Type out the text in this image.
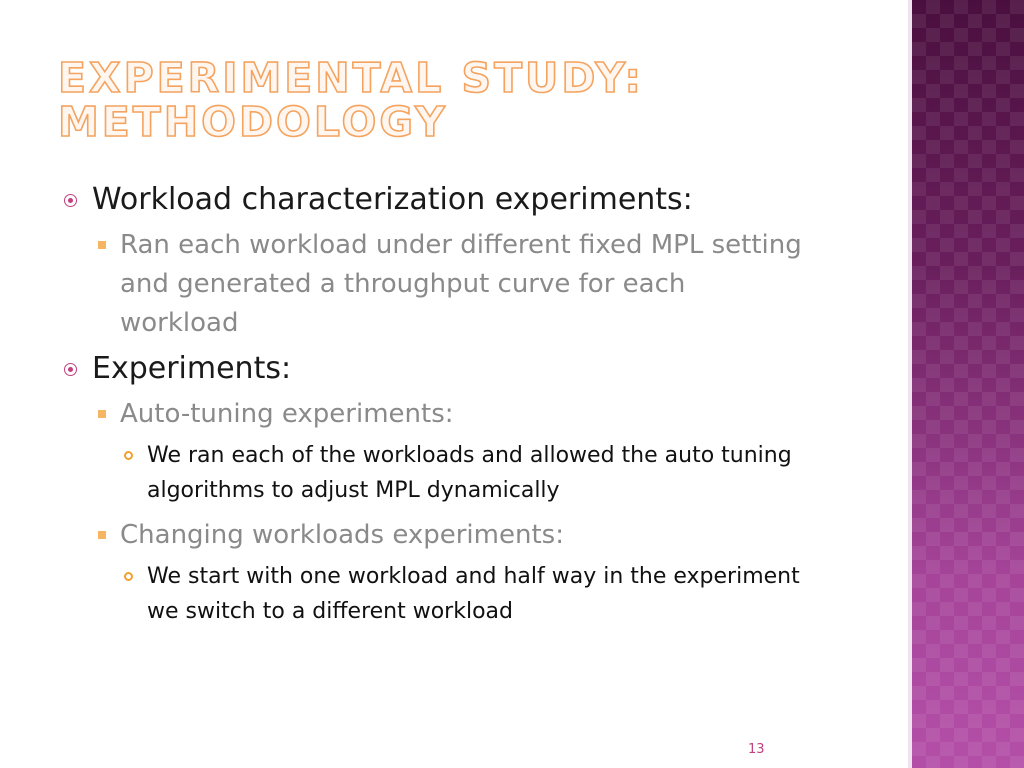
EXPERIMENTAL STUDY:
METHODOLOGY
Workload characterization experiments:
Ran each workload under different fixed MPL setting and generated a throughput curve for each workload
Experiments:
Auto-tuning experiments:
We ran each of the workloads and allowed the auto tuning algorithms to adjust MPL dynamically
Changing workloads experiments:
We start with one workload and half way in the experiment we switch to a different workload
13
